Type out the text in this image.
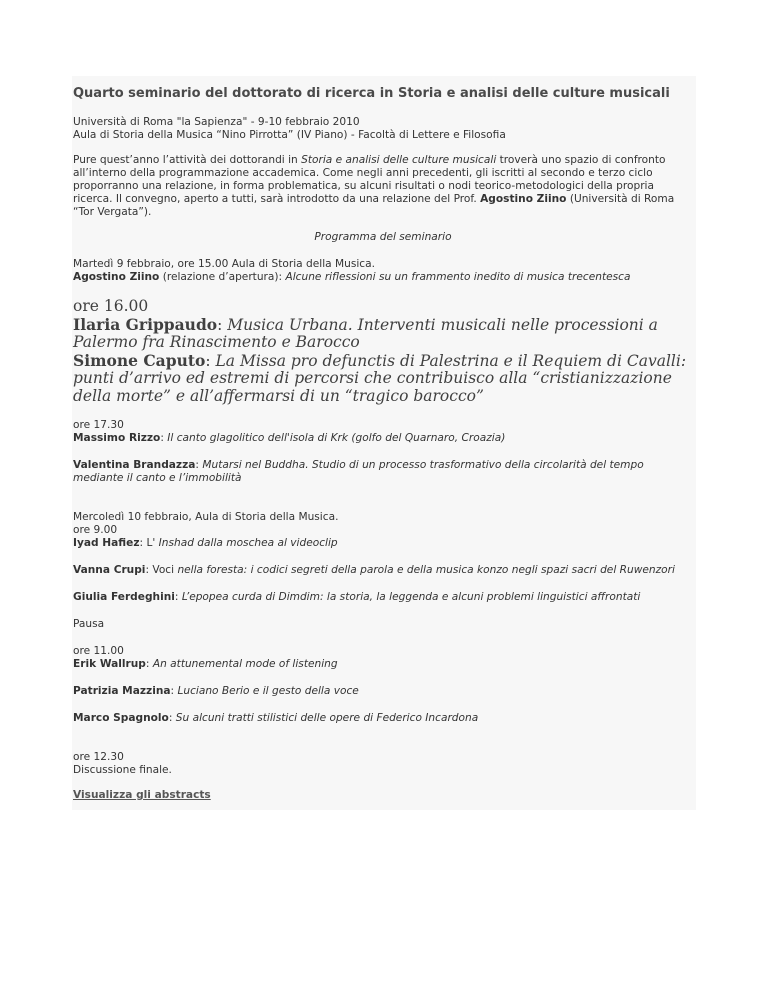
Quarto seminario del dottorato di ricerca in Storia e analisi delle culture musicali

Università di Roma "la Sapienza" - 9-10 febbraio 2010
Aula di Storia della Musica “Nino Pirrotta” (IV Piano) - Facoltà di Lettere e Filosofia

Pure quest’anno l’attività dei dottorandi in Storia e analisi delle culture musicali troverà uno spazio di confronto all’interno della programmazione accademica. Come negli anni precedenti, gli iscritti al secondo e terzo ciclo proporranno una relazione, in forma problematica, su alcuni risultati o nodi teorico-metodologici della propria ricerca. Il convegno, aperto a tutti, sarà introdotto da una relazione del Prof. Agostino Ziino (Università di Roma “Tor Vergata”).

Programma del seminario

Martedì 9 febbraio, ore 15.00 Aula di Storia della Musica.
Agostino Ziino (relazione d’apertura): Alcune riflessioni su un frammento inedito di musica trecentesca

ore 16.00
Ilaria Grippaudo: Musica Urbana. Interventi musicali nelle processioni a Palermo fra Rinascimento e Barocco
Simone Caputo: La Missa pro defunctis di Palestrina e il Requiem di Cavalli: punti d’arrivo ed estremi di percorsi che contribuisco alla “cristianizzazione della morte” e all’affermarsi di un “tragico barocco”

ore 17.30
Massimo Rizzo: Il canto glagolitico dell'isola di Krk (golfo del Quarnaro, Croazia)

Valentina Brandazza: Mutarsi nel Buddha. Studio di un processo trasformativo della circolarità del tempo mediante il canto e l’immobilità

Mercoledì 10 febbraio, Aula di Storia della Musica.
ore 9.00
Iyad Hafiez: L' Inshad dalla moschea al videoclip

Vanna Crupi: Voci nella foresta: i codici segreti della parola e della musica konzo negli spazi sacri del Ruwenzori

Giulia Ferdeghini: L’epopea curda di Dimdim: la storia, la leggenda e alcuni problemi linguistici affrontati

Pausa

ore 11.00
Erik Wallrup: An attunemental mode of listening

Patrizia Mazzina: Luciano Berio e il gesto della voce

Marco Spagnolo: Su alcuni tratti stilistici delle opere di Federico Incardona

ore 12.30
Discussione finale.

Visualizza gli abstracts
